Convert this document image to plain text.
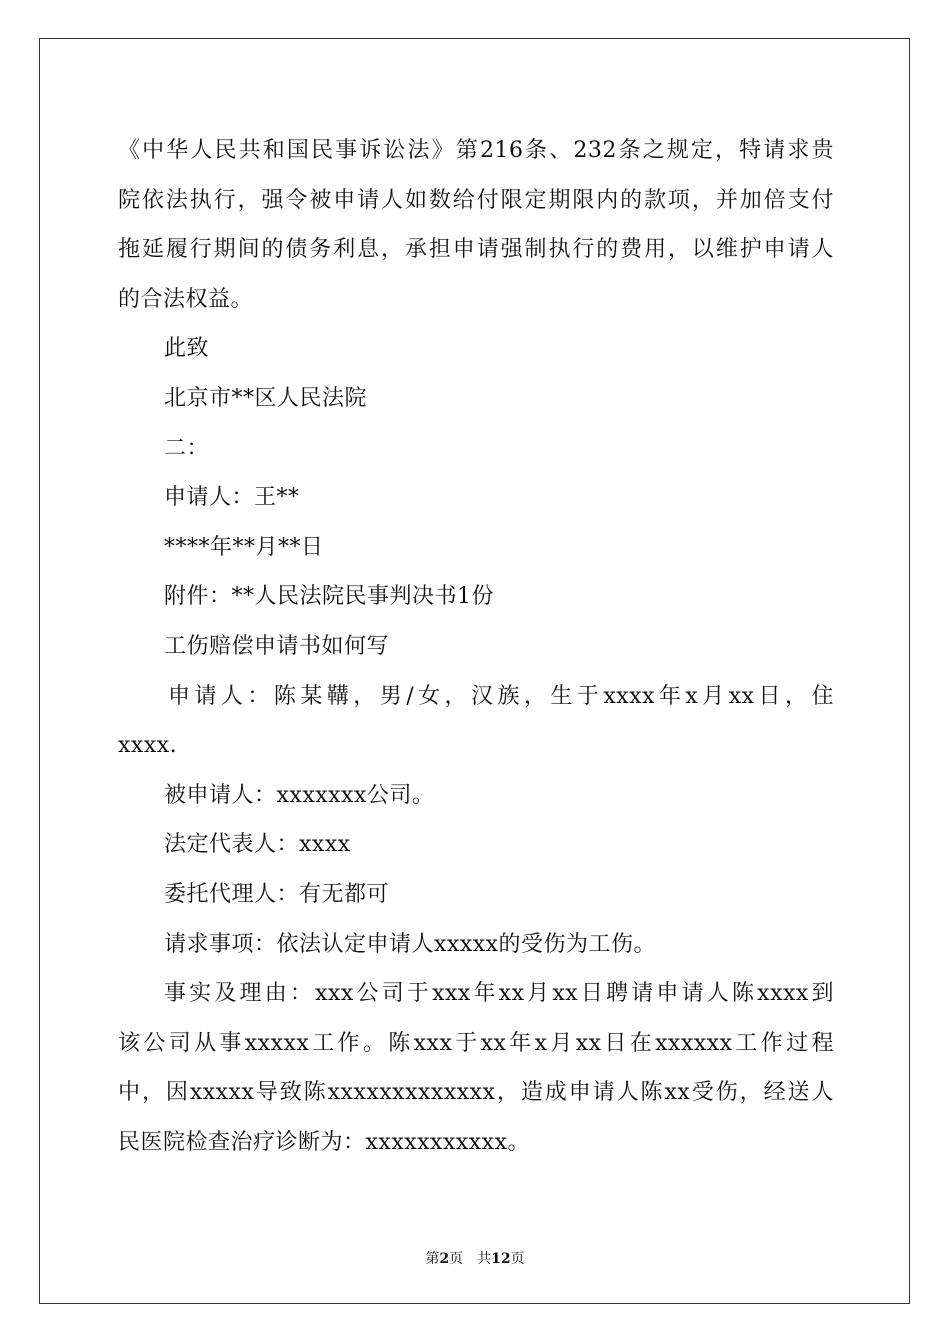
《中华人民共和国民事诉讼法》第216条、232条之规定，特请求贵
院依法执行，强令被申请人如数给付限定期限内的款项，并加倍支付
拖延履行期间的债务利息，承担申请强制执行的费用，以维护申请人
的合法权益。
此致
北京市**区人民法院
二：
申请人：王**
****年**月**日
附件：**人民法院民事判决书1份
工伤赔偿申请书如何写
申请人：陈某鞲，男/女，汉族，生于xxxx年x月xx日，住
xxxx.
被申请人：xxxxxxx公司。
法定代表人：xxxx
委托代理人：有无都可
请求事项：依法认定申请人xxxxx的受伤为工伤。
事实及理由：xxx公司于xxx年xx月xx日聘请申请人陈xxxx到
该公司从事xxxxx工作。陈xxx于xx年x月xx日在xxxxxx工作过程
中，因xxxxx导致陈xxxxxxxxxxxxx，造成申请人陈xx受伤，经送人
民医院检查治疗诊断为：xxxxxxxxxxx。
第2页 共12页
